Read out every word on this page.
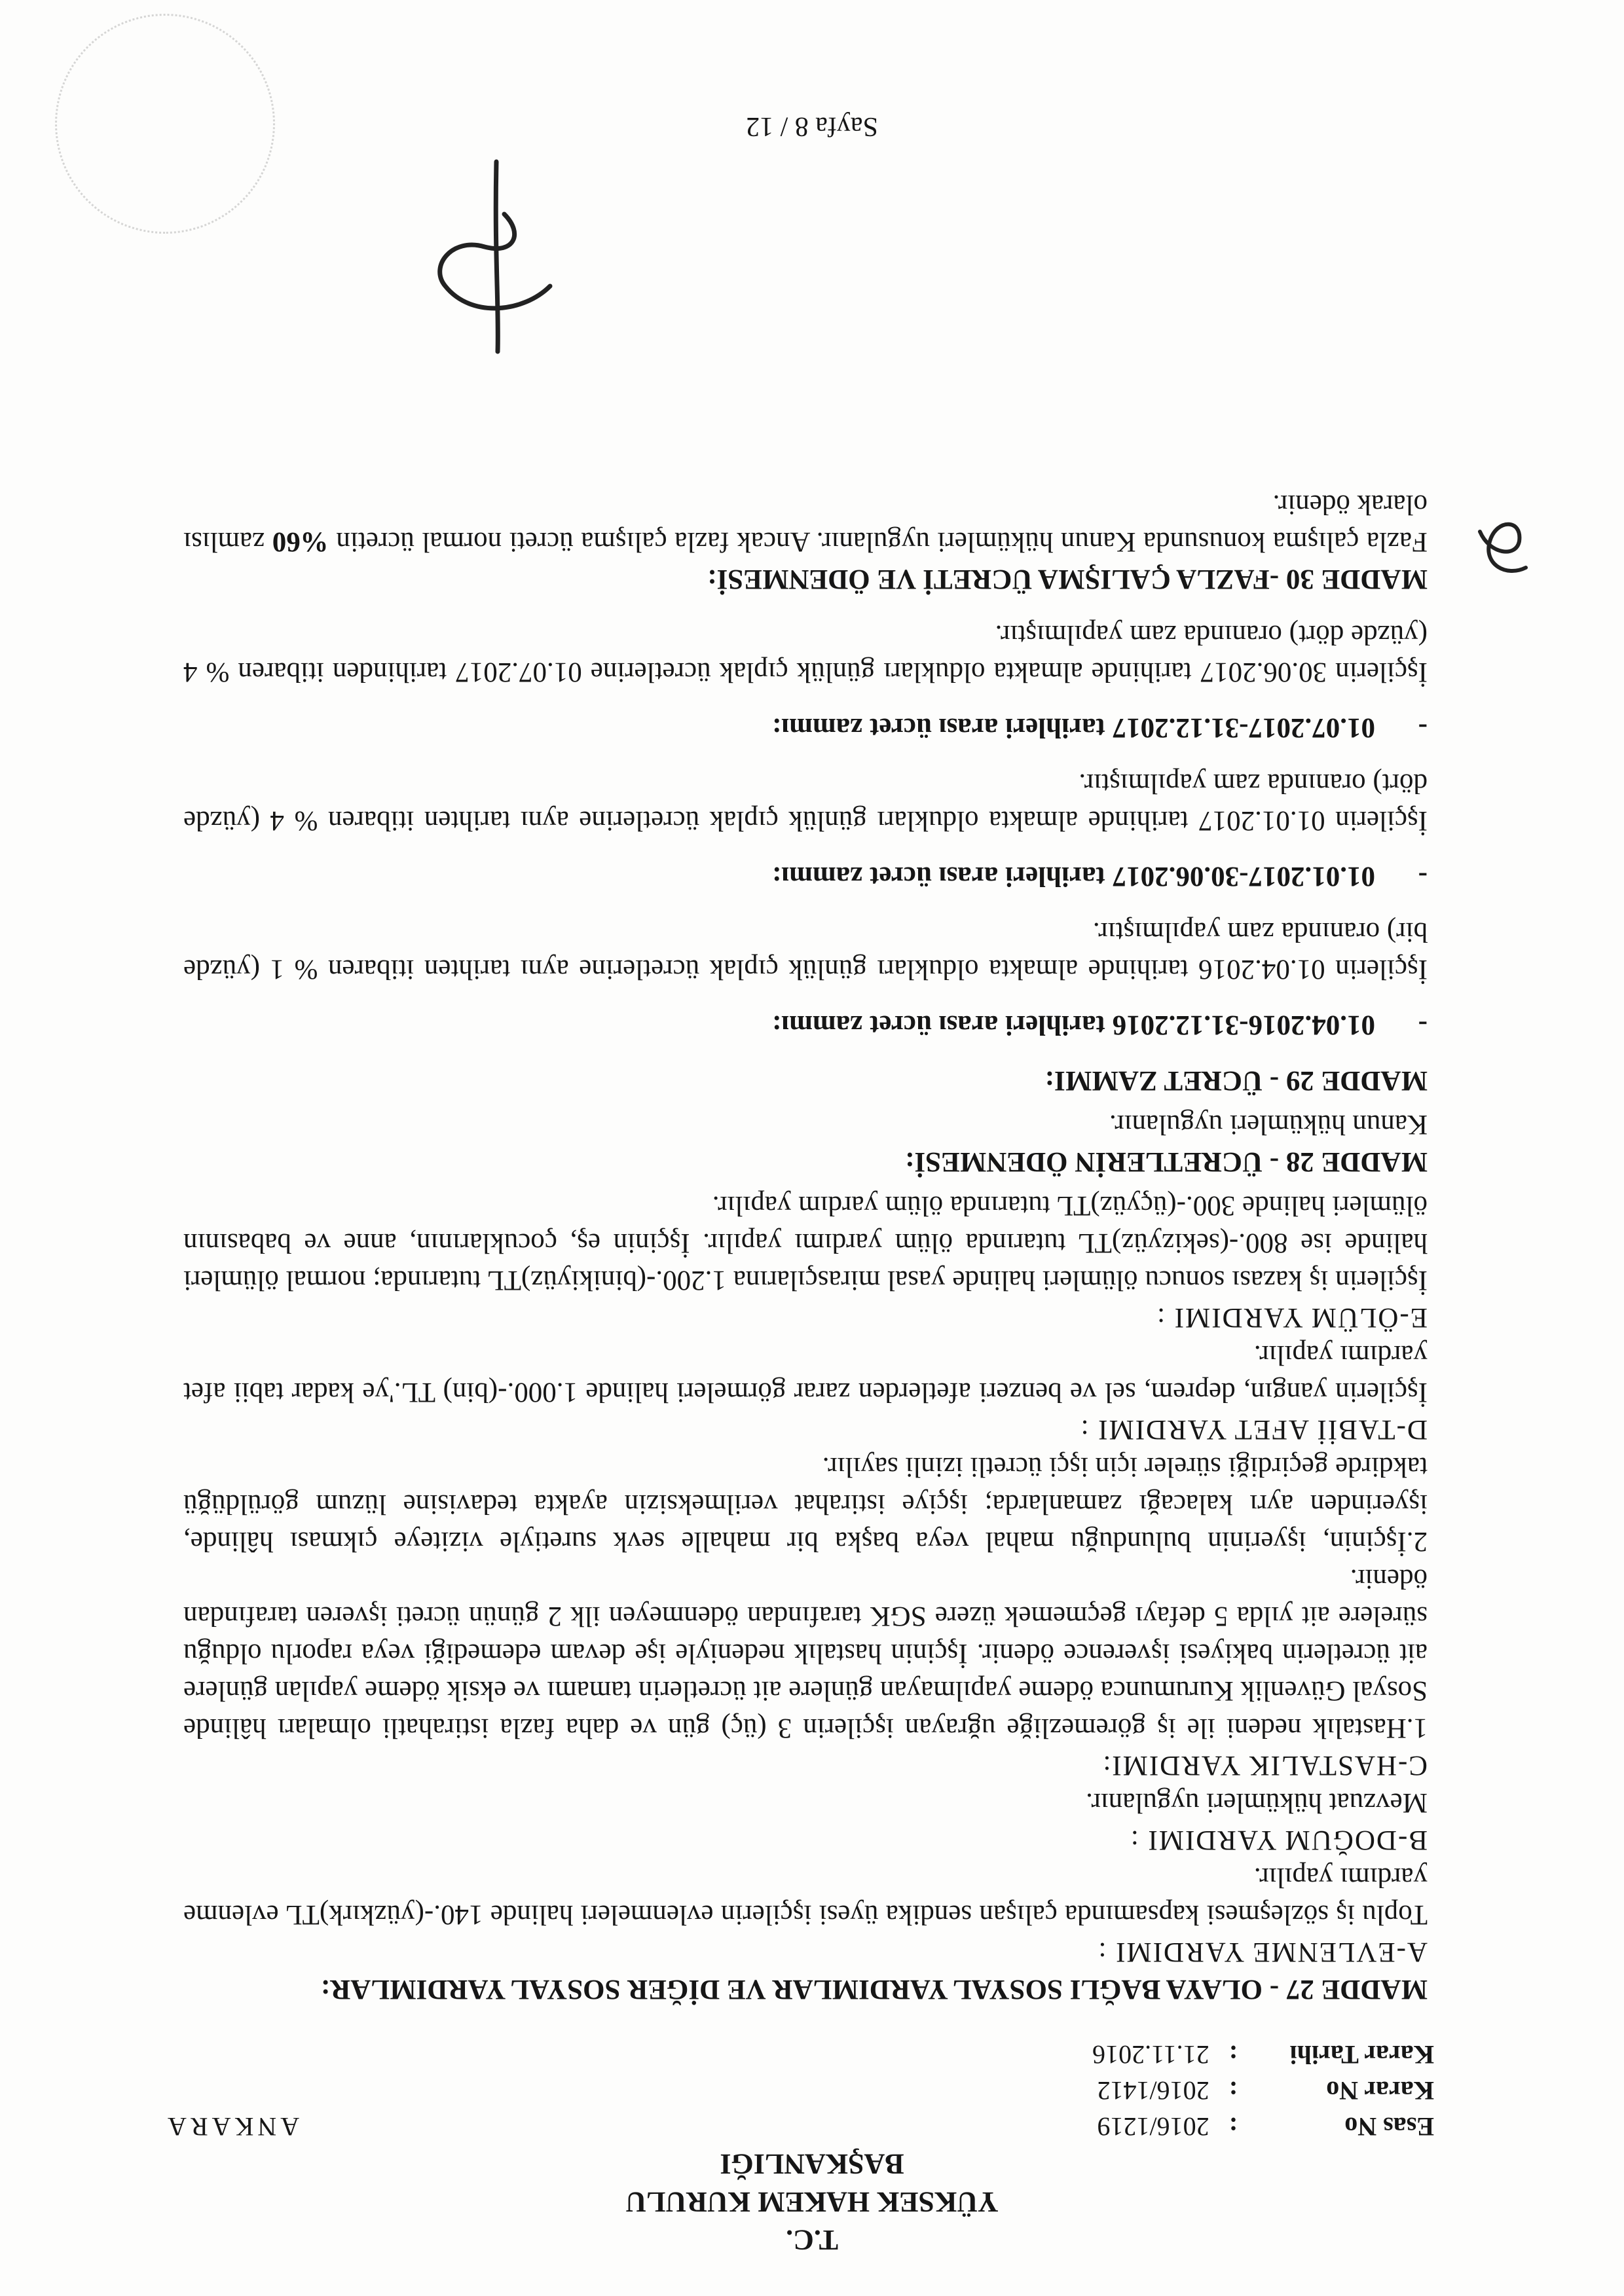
T.C.
YÜKSEK HAKEM KURULU
BAŞKANLIĞI
Esas No:   2016/1219
Karar No:   2016/1412
Karar Tarihi:   21.11.2016
ANKARA

MADDE 27 - OLAYA BAĞLI SOSYAL YARDIMLAR VE DİĞER SOSYAL YARDIMLAR:

A-EVLENME YARDIMI :

Toplu iş sözleşmesi kapsamında çalışan sendika üyesi işçilerin evlenmeleri halinde 140.-(yüzkırk)TL evlenme yardımı yapılır.

B-DOĞUM YARDIMI :

Mevzuat hükümleri uygulanır.

C-HASTALIK YARDIMI:

1.Hastalık nedeni ile iş göremezliğe uğrayan işçilerin 3 (üç) gün ve daha fazla istirahatli olmaları hâlinde Sosyal Güvenlik Kurumunca ödeme yapılmayan günlere ait ücretlerin tamamı ve eksik ödeme yapılan günlere ait ücretlerin bakiyesi işverence ödenir. İşçinin hastalık nedeniyle işe devam edemediği veya raporlu olduğu sürelere ait yılda 5 defayı geçmemek üzere SGK tarafından ödenmeyen ilk 2 günün ücreti işveren tarafından ödenir.

2.İşçinin, işyerinin bulunduğu mahal veya başka bir mahalle sevk suretiyle viziteye çıkması hâlinde, işyerinden ayrı kalacağı zamanlarda; işçiye istirahat verilmeksizin ayakta tedavisine lüzum görüldüğü takdirde geçirdiği süreler için işçi ücretli izinli sayılır.

D-TABİİ AFET YARDIMI :

İşçilerin yangın, deprem, sel ve benzeri afetlerden zarar görmeleri halinde 1.000.-(bin) TL.'ye kadar tabii afet yardımı yapılır.

E-ÖLÜM YARDIMI :

İşçilerin iş kazası sonucu ölümleri halinde yasal mirasçılarına 1.200.-(binikiyüz)TL tutarında; normal ölümleri halinde ise 800.-(sekizyüz)TL tutarında ölüm yardımı yapılır. İşçinin eş, çocuklarının, anne ve babasının ölümleri halinde 300.-(üçyüz)TL tutarında ölüm yardım yapılır.

MADDE 28 - ÜCRETLERİN ÖDENMESİ:

Kanun hükümleri uygulanır.

MADDE 29 - ÜCRET ZAMMI:

-01.04.2016-31.12.2016 tarihleri arası ücret zammı:

İşçilerin 01.04.2016 tarihinde almakta oldukları günlük çıplak ücretlerine aynı tarihten itibaren % 1 (yüzde bir) oranında zam yapılmıştır.

-01.01.2017-30.06.2017 tarihleri arası ücret zammı:

İşçilerin 01.01.2017 tarihinde almakta oldukları günlük çıplak ücretlerine aynı tarihten itibaren % 4 (yüzde dört) oranında zam yapılmıştır.

-01.07.2017-31.12.2017 tarihleri arası ücret zammı:

İşçilerin 30.06.2017 tarihinde almakta oldukları günlük çıplak ücretlerine 01.07.2017 tarihinden itibaren % 4 (yüzde dört) oranında zam yapılmıştır.

MADDE 30 -FAZLA ÇALIŞMA ÜCRETİ VE ÖDENMESİ:

Fazla çalışma konusunda Kanun hükümleri uygulanır. Ancak fazla çalışma ücreti normal ücretin %60 zamlısı olarak ödenir.

Sayfa 8 / 12
